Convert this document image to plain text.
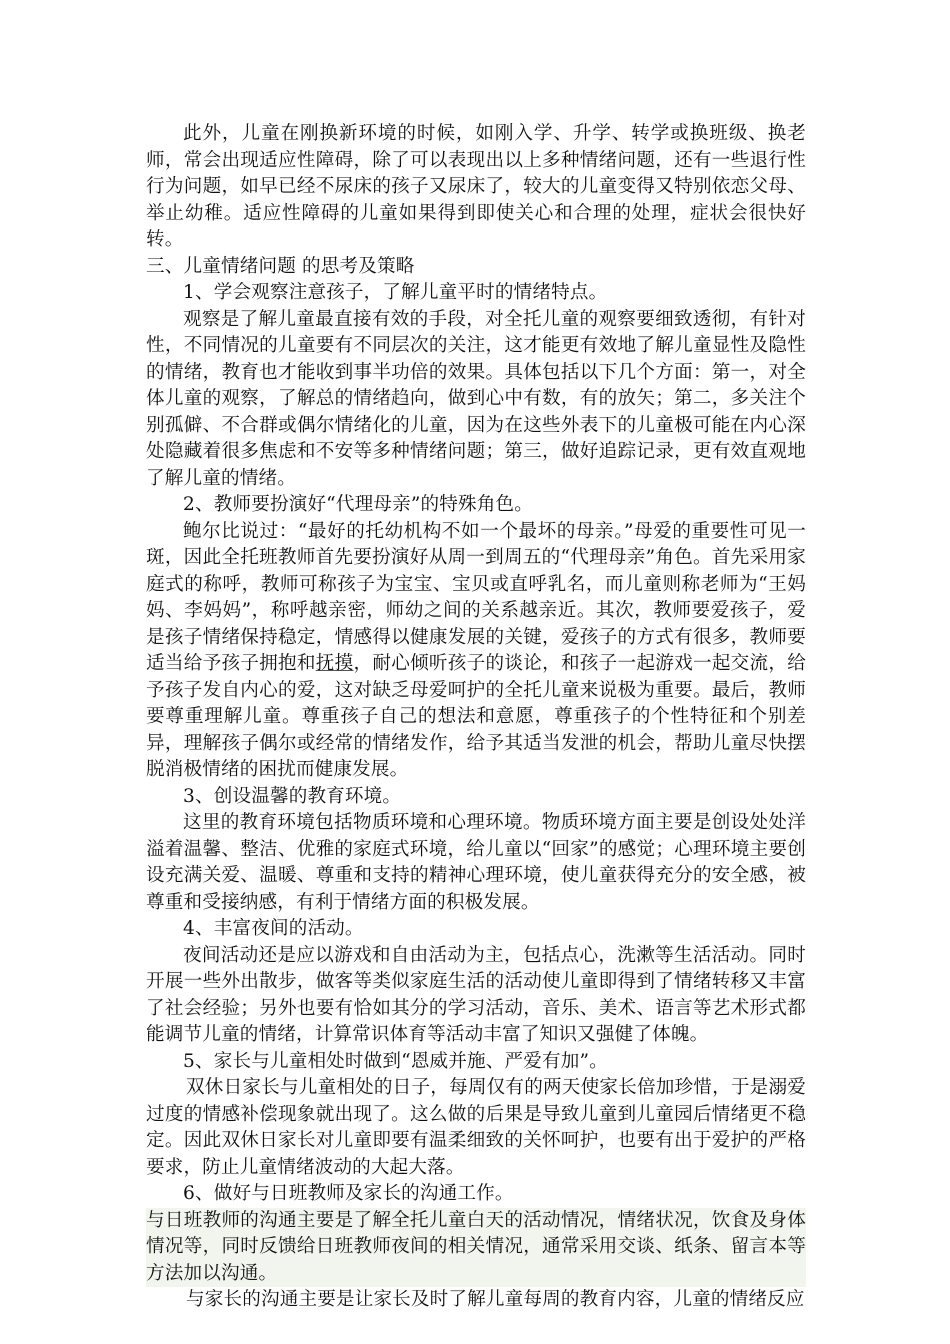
此外，儿童在刚换新环境的时候，如刚入学、升学、转学或换班级、换老师，常会出现适应性障碍，除了可以表现出以上多种情绪问题，还有一些退行性行为问题，如早已经不尿床的孩子又尿床了，较大的儿童变得又特别依恋父母、举止幼稚。适应性障碍的儿童如果得到即使关心和合理的处理，症状会很快好转。

三、儿童情绪问题 的思考及策略

1、学会观察注意孩子，了解儿童平时的情绪特点。

观察是了解儿童最直接有效的手段，对全托儿童的观察要细致透彻，有针对性，不同情况的儿童要有不同层次的关注，这才能更有效地了解儿童显性及隐性的情绪，教育也才能收到事半功倍的效果。具体包括以下几个方面：第一，对全体儿童的观察，了解总的情绪趋向，做到心中有数，有的放矢；第二，多关注个别孤僻、不合群或偶尔情绪化的儿童，因为在这些外表下的儿童极可能在内心深处隐藏着很多焦虑和不安等多种情绪问题；第三，做好追踪记录，更有效直观地了解儿童的情绪。

2、教师要扮演好“代理母亲”的特殊角色。

鲍尔比说过：“最好的托幼机构不如一个最坏的母亲。”母爱的重要性可见一斑，因此全托班教师首先要扮演好从周一到周五的“代理母亲”角色。首先采用家庭式的称呼，教师可称孩子为宝宝、宝贝或直呼乳名，而儿童则称老师为“王妈妈、李妈妈”，称呼越亲密，师幼之间的关系越亲近。其次，教师要爱孩子，爱是孩子情绪保持稳定，情感得以健康发展的关键，爱孩子的方式有很多，教师要适当给予孩子拥抱和抚摸，耐心倾听孩子的谈论，和孩子一起游戏一起交流，给予孩子发自内心的爱，这对缺乏母爱呵护的全托儿童来说极为重要。最后，教师要尊重理解儿童。尊重孩子自己的想法和意愿，尊重孩子的个性特征和个别差异，理解孩子偶尔或经常的情绪发作，给予其适当发泄的机会，帮助儿童尽快摆脱消极情绪的困扰而健康发展。

3、创设温馨的教育环境。

这里的教育环境包括物质环境和心理环境。物质环境方面主要是创设处处洋溢着温馨、整洁、优雅的家庭式环境，给儿童以“回家”的感觉；心理环境主要创设充满关爱、温暖、尊重和支持的精神心理环境，使儿童获得充分的安全感，被尊重和受接纳感，有利于情绪方面的积极发展。

4、丰富夜间的活动。

夜间活动还是应以游戏和自由活动为主，包括点心，洗漱等生活活动。同时开展一些外出散步，做客等类似家庭生活的活动使儿童即得到了情绪转移又丰富了社会经验；另外也要有恰如其分的学习活动，音乐、美术、语言等艺术形式都能调节儿童的情绪，计算常识体育等活动丰富了知识又强健了体魄。

5、家长与儿童相处时做到“恩威并施、严爱有加”。

双休日家长与儿童相处的日子，每周仅有的两天使家长倍加珍惜，于是溺爱过度的情感补偿现象就出现了。这么做的后果是导致儿童到儿童园后情绪更不稳定。因此双休日家长对儿童即要有温柔细致的关怀呵护，也要有出于爱护的严格要求，防止儿童情绪波动的大起大落。

6、做好与日班教师及家长的沟通工作。

与日班教师的沟通主要是了解全托儿童白天的活动情况，情绪状况，饮食及身体情况等，同时反馈给日班教师夜间的相关情况，通常采用交谈、纸条、留言本等方法加以沟通。

与家长的沟通主要是让家长及时了解儿童每周的教育内容，儿童的情绪反应
